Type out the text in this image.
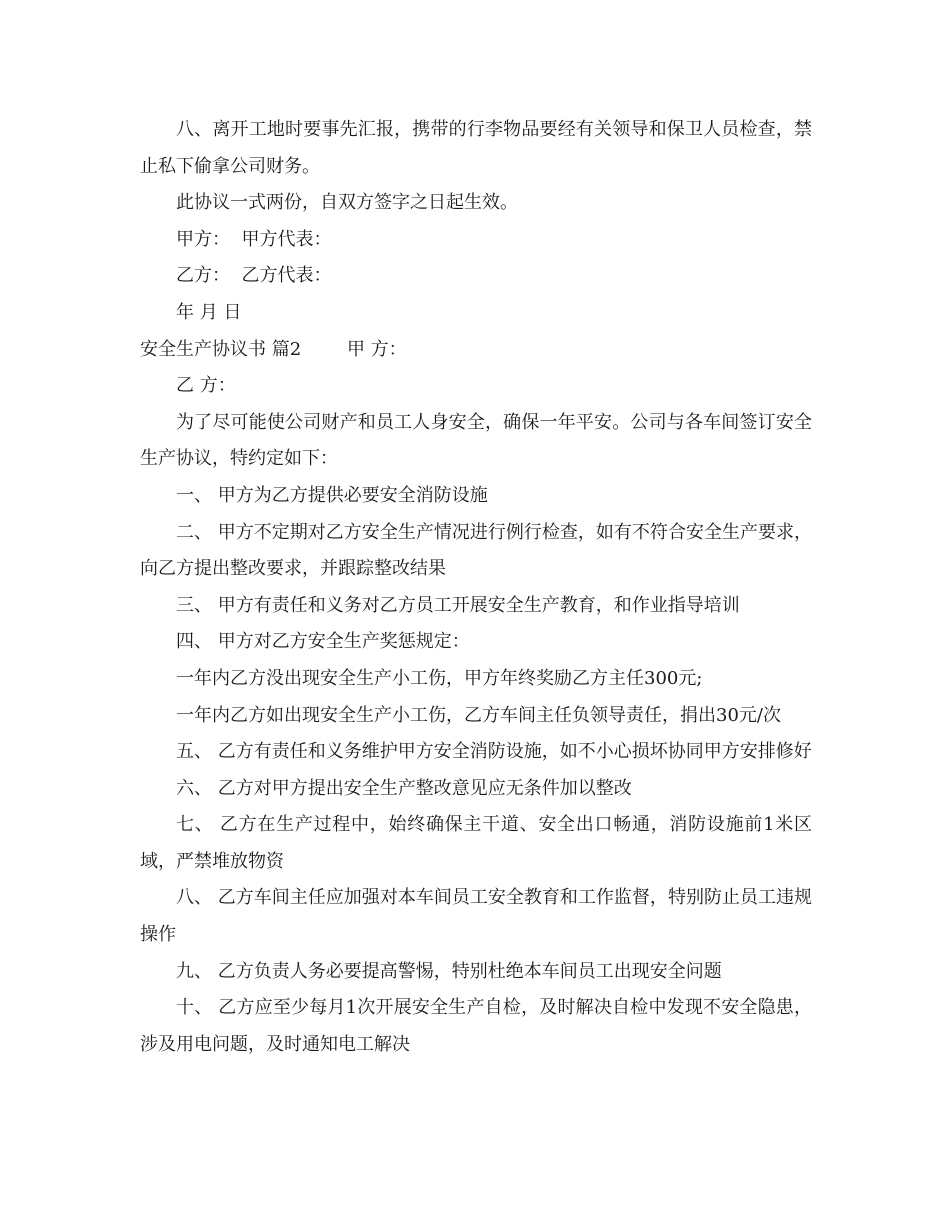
八、离开工地时要事先汇报，携带的行李物品要经有关领导和保卫人员检查，禁止私下偷拿公司财务。

此协议一式两份，自双方签字之日起生效。

甲方：  甲方代表：

乙方：  乙方代表：

年 月 日

安全生产协议书 篇2        甲 方：

乙 方：

为了尽可能使公司财产和员工人身安全，确保一年平安。公司与各车间签订安全生产协议，特约定如下：

一、 甲方为乙方提供必要安全消防设施

二、 甲方不定期对乙方安全生产情况进行例行检查，如有不符合安全生产要求，向乙方提出整改要求，并跟踪整改结果

三、 甲方有责任和义务对乙方员工开展安全生产教育，和作业指导培训

四、 甲方对乙方安全生产奖惩规定：

一年内乙方没出现安全生产小工伤，甲方年终奖励乙方主任300元;

一年内乙方如出现安全生产小工伤，乙方车间主任负领导责任，捐出30元/次

五、 乙方有责任和义务维护甲方安全消防设施，如不小心损坏协同甲方安排修好

六、 乙方对甲方提出安全生产整改意见应无条件加以整改

七、 乙方在生产过程中，始终确保主干道、安全出口畅通，消防设施前1米区域，严禁堆放物资

八、 乙方车间主任应加强对本车间员工安全教育和工作监督，特别防止员工违规操作

九、 乙方负责人务必要提高警惕，特别杜绝本车间员工出现安全问题

十、 乙方应至少每月1次开展安全生产自检，及时解决自检中发现不安全隐患，涉及用电问题，及时通知电工解决
